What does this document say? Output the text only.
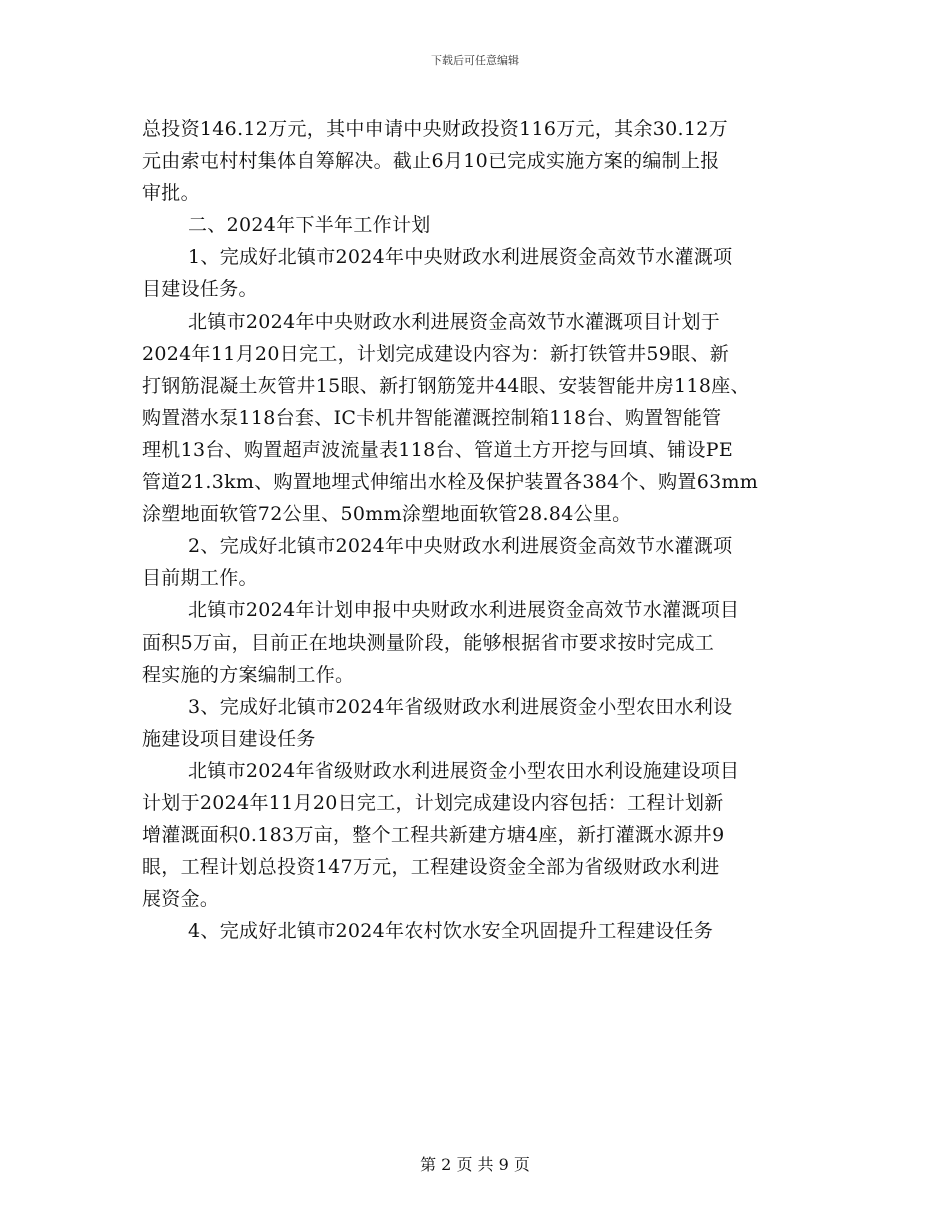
下载后可任意编辑
总投资146.12万元，其中申请中央财政投资116万元，其余30.12万
元由索屯村村集体自筹解决。截止6月10已完成实施方案的编制上报
审批。
二、2024年下半年工作计划
1、完成好北镇市2024年中央财政水利进展资金高效节水灌溉项
目建设任务。
北镇市2024年中央财政水利进展资金高效节水灌溉项目计划于
2024年11月20日完工，计划完成建设内容为：新打铁管井59眼、新
打钢筋混凝土灰管井15眼、新打钢筋笼井44眼、安装智能井房118座、
购置潜水泵118台套、IC卡机井智能灌溉控制箱118台、购置智能管
理机13台、购置超声波流量表118台、管道土方开挖与回填、铺设PE
管道21.3km、购置地埋式伸缩出水栓及保护装置各384个、购置63mm
涂塑地面软管72公里、50mm涂塑地面软管28.84公里。
2、完成好北镇市2024年中央财政水利进展资金高效节水灌溉项
目前期工作。
北镇市2024年计划申报中央财政水利进展资金高效节水灌溉项目
面积5万亩，目前正在地块测量阶段，能够根据省市要求按时完成工
程实施的方案编制工作。
3、完成好北镇市2024年省级财政水利进展资金小型农田水利设
施建设项目建设任务
北镇市2024年省级财政水利进展资金小型农田水利设施建设项目
计划于2024年11月20日完工，计划完成建设内容包括：工程计划新
增灌溉面积0.183万亩，整个工程共新建方塘4座，新打灌溉水源井9
眼，工程计划总投资147万元，工程建设资金全部为省级财政水利进
展资金。
4、完成好北镇市2024年农村饮水安全巩固提升工程建设任务
第 2 页 共 9 页
